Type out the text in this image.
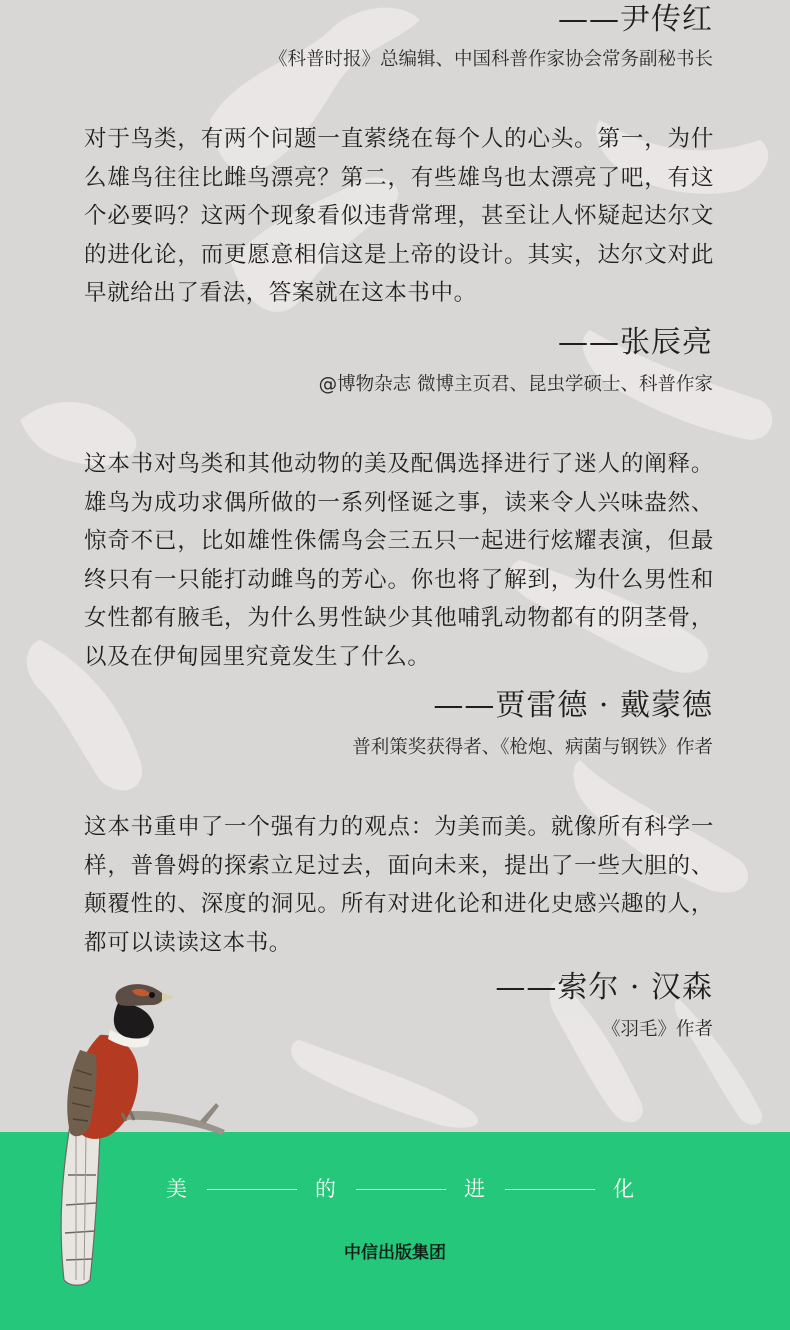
——尹传红

《科普时报》总编辑、中国科普作家协会常务副秘书长

对于鸟类，有两个问题一直萦绕在每个人的心头。第一，为什么雄鸟往往比雌鸟漂亮？第二，有些雄鸟也太漂亮了吧，有这个必要吗？这两个现象看似违背常理，甚至让人怀疑起达尔文的进化论，而更愿意相信这是上帝的设计。其实，达尔文对此早就给出了看法，答案就在这本书中。

——张辰亮

@博物杂志 微博主页君、昆虫学硕士、科普作家

这本书对鸟类和其他动物的美及配偶选择进行了迷人的阐释。雄鸟为成功求偶所做的一系列怪诞之事，读来令人兴味盎然、惊奇不已，比如雄性侏儒鸟会三五只一起进行炫耀表演，但最终只有一只能打动雌鸟的芳心。你也将了解到，为什么男性和女性都有腋毛，为什么男性缺少其他哺乳动物都有的阴茎骨，以及在伊甸园里究竟发生了什么。

——贾雷德 · 戴蒙德

普利策奖获得者、《枪炮、病菌与钢铁》作者

这本书重申了一个强有力的观点：为美而美。就像所有科学一样，普鲁姆的探索立足过去，面向未来，提出了一些大胆的、颠覆性的、深度的洞见。所有对进化论和进化史感兴趣的人，都可以读读这本书。

——索尔 · 汉森

《羽毛》作者

美	的	进	化

中信出版集团
